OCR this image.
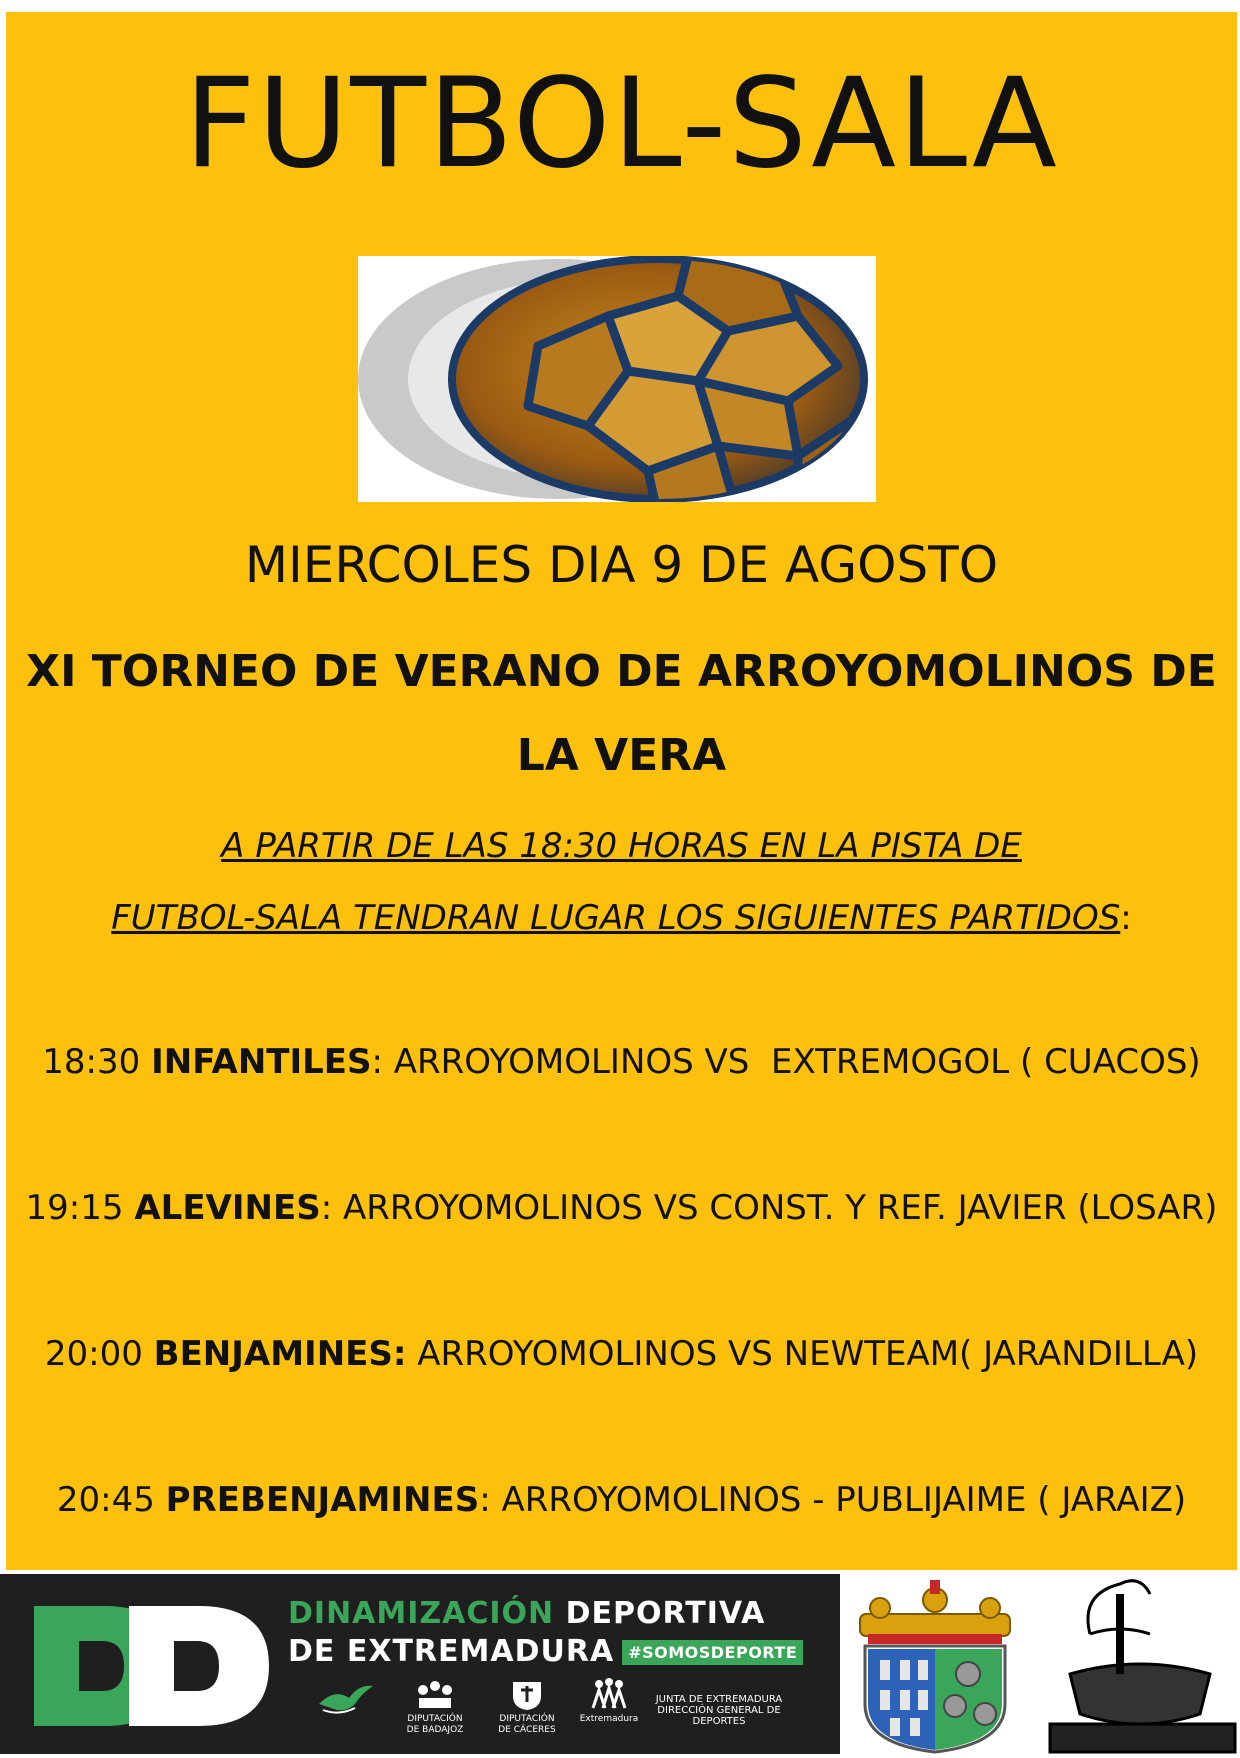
FUTBOL-SALA
MIERCOLES DIA 9 DE AGOSTO
XI TORNEO DE VERANO DE ARROYOMOLINOS DE
LA VERA
A PARTIR DE LAS 18:30 HORAS EN LA PISTA DE
FUTBOL-SALA TENDRAN LUGAR LOS SIGUIENTES PARTIDOS:
18:30 INFANTILES: ARROYOMOLINOS VS  EXTREMOGOL ( CUACOS)
19:15 ALEVINES: ARROYOMOLINOS VS CONST. Y REF. JAVIER (LOSAR)
20:00 BENJAMINES: ARROYOMOLINOS VS NEWTEAM( JARANDILLA)
20:45 PREBENJAMINES: ARROYOMOLINOS - PUBLIJAIME ( JARAIZ)
DINAMIZACIÓN DEPORTIVA
DE EXTREMADURA #SOMOSDEPORTE
DIPUTACIÓN
DE BADAJOZ
DIPUTACIÓN
DE CÁCERES
Extremadura
JUNTA DE EXTREMADURA
DIRECCIÓN GENERAL DE DEPORTES
